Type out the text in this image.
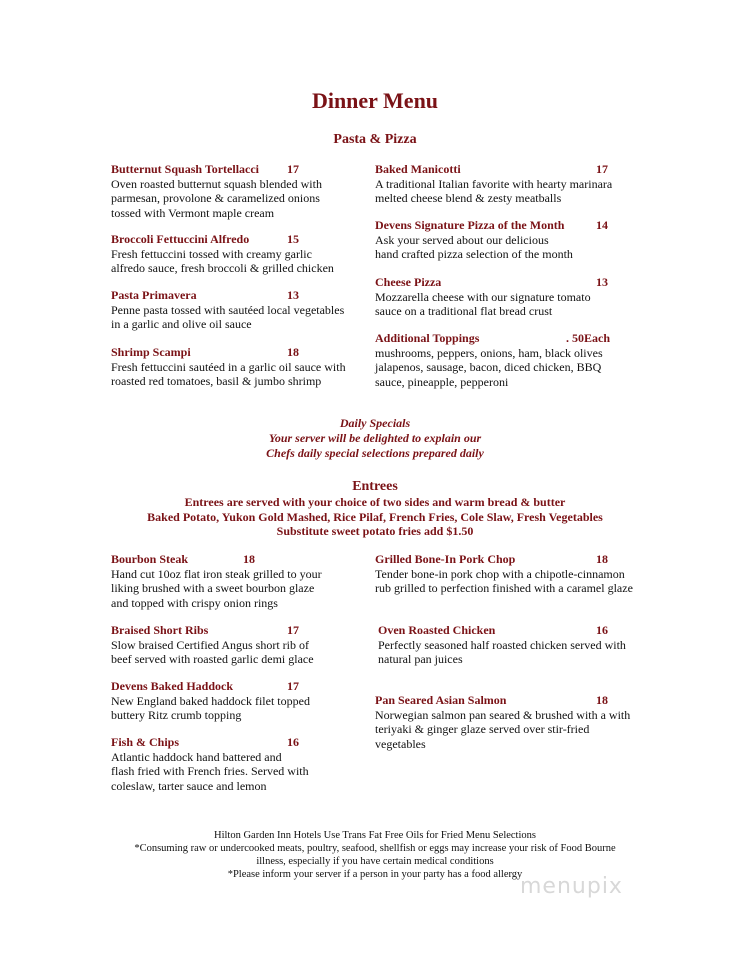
Dinner Menu
Pasta & Pizza
Butternut Squash Tortellacci 17
Oven roasted butternut squash blended with
parmesan, provolone & caramelized onions
tossed with Vermont maple cream
Broccoli Fettuccini Alfredo	15
Fresh fettuccini tossed with creamy garlic
alfredo sauce, fresh broccoli & grilled chicken
Pasta Primavera	13
Penne pasta tossed with sautéed local vegetables
in a garlic and olive oil sauce
Shrimp Scampi	18
Fresh fettuccini sautéed in a garlic oil sauce with
roasted red tomatoes, basil & jumbo shrimp
Baked Manicotti	17
A traditional Italian favorite with hearty marinara
melted cheese blend & zesty meatballs
Devens Signature Pizza of the Month	14
Ask your served about our delicious
hand crafted pizza selection of the month
Cheese Pizza	13
Mozzarella cheese with our signature tomato
sauce on a traditional flat bread crust
Additional Toppings	. 50Each
mushrooms, peppers, onions, ham, black olives
jalapenos, sausage, bacon, diced chicken, BBQ
sauce, pineapple, pepperoni
Daily Specials
Your server will be delighted to explain our
Chefs daily special selections prepared daily
Entrees
Entrees are served with your choice of two sides and warm bread & butter
Baked Potato, Yukon Gold Mashed, Rice Pilaf, French Fries, Cole Slaw, Fresh Vegetables
Substitute sweet potato fries add $1.50
Bourbon Steak	18
Hand cut 10oz flat iron steak grilled to your
liking brushed with a sweet bourbon glaze
and topped with crispy onion rings
Braised Short Ribs	17
Slow braised Certified Angus short rib of
beef served with roasted garlic demi glace
Devens Baked Haddock	17
New England baked haddock filet topped
buttery Ritz crumb topping
Fish & Chips	16
Atlantic haddock hand battered and
flash fried with French fries. Served with
coleslaw, tarter sauce and lemon
Grilled Bone-In Pork Chop	18
Tender bone-in pork chop with a chipotle-cinnamon
rub grilled to perfection finished with a caramel glaze
Oven Roasted Chicken	16
Perfectly seasoned half roasted chicken served with
natural pan juices
Pan Seared Asian Salmon	18
Norwegian salmon pan seared & brushed with a with
teriyaki & ginger glaze served over stir-fried
vegetables
Hilton Garden Inn Hotels Use Trans Fat Free Oils for Fried Menu Selections
*Consuming raw or undercooked meats, poultry, seafood, shellfish or eggs may increase your risk of Food Bourne
illness, especially if you have certain medical conditions
*Please inform your server if a person in your party has a food allergy
menupix
